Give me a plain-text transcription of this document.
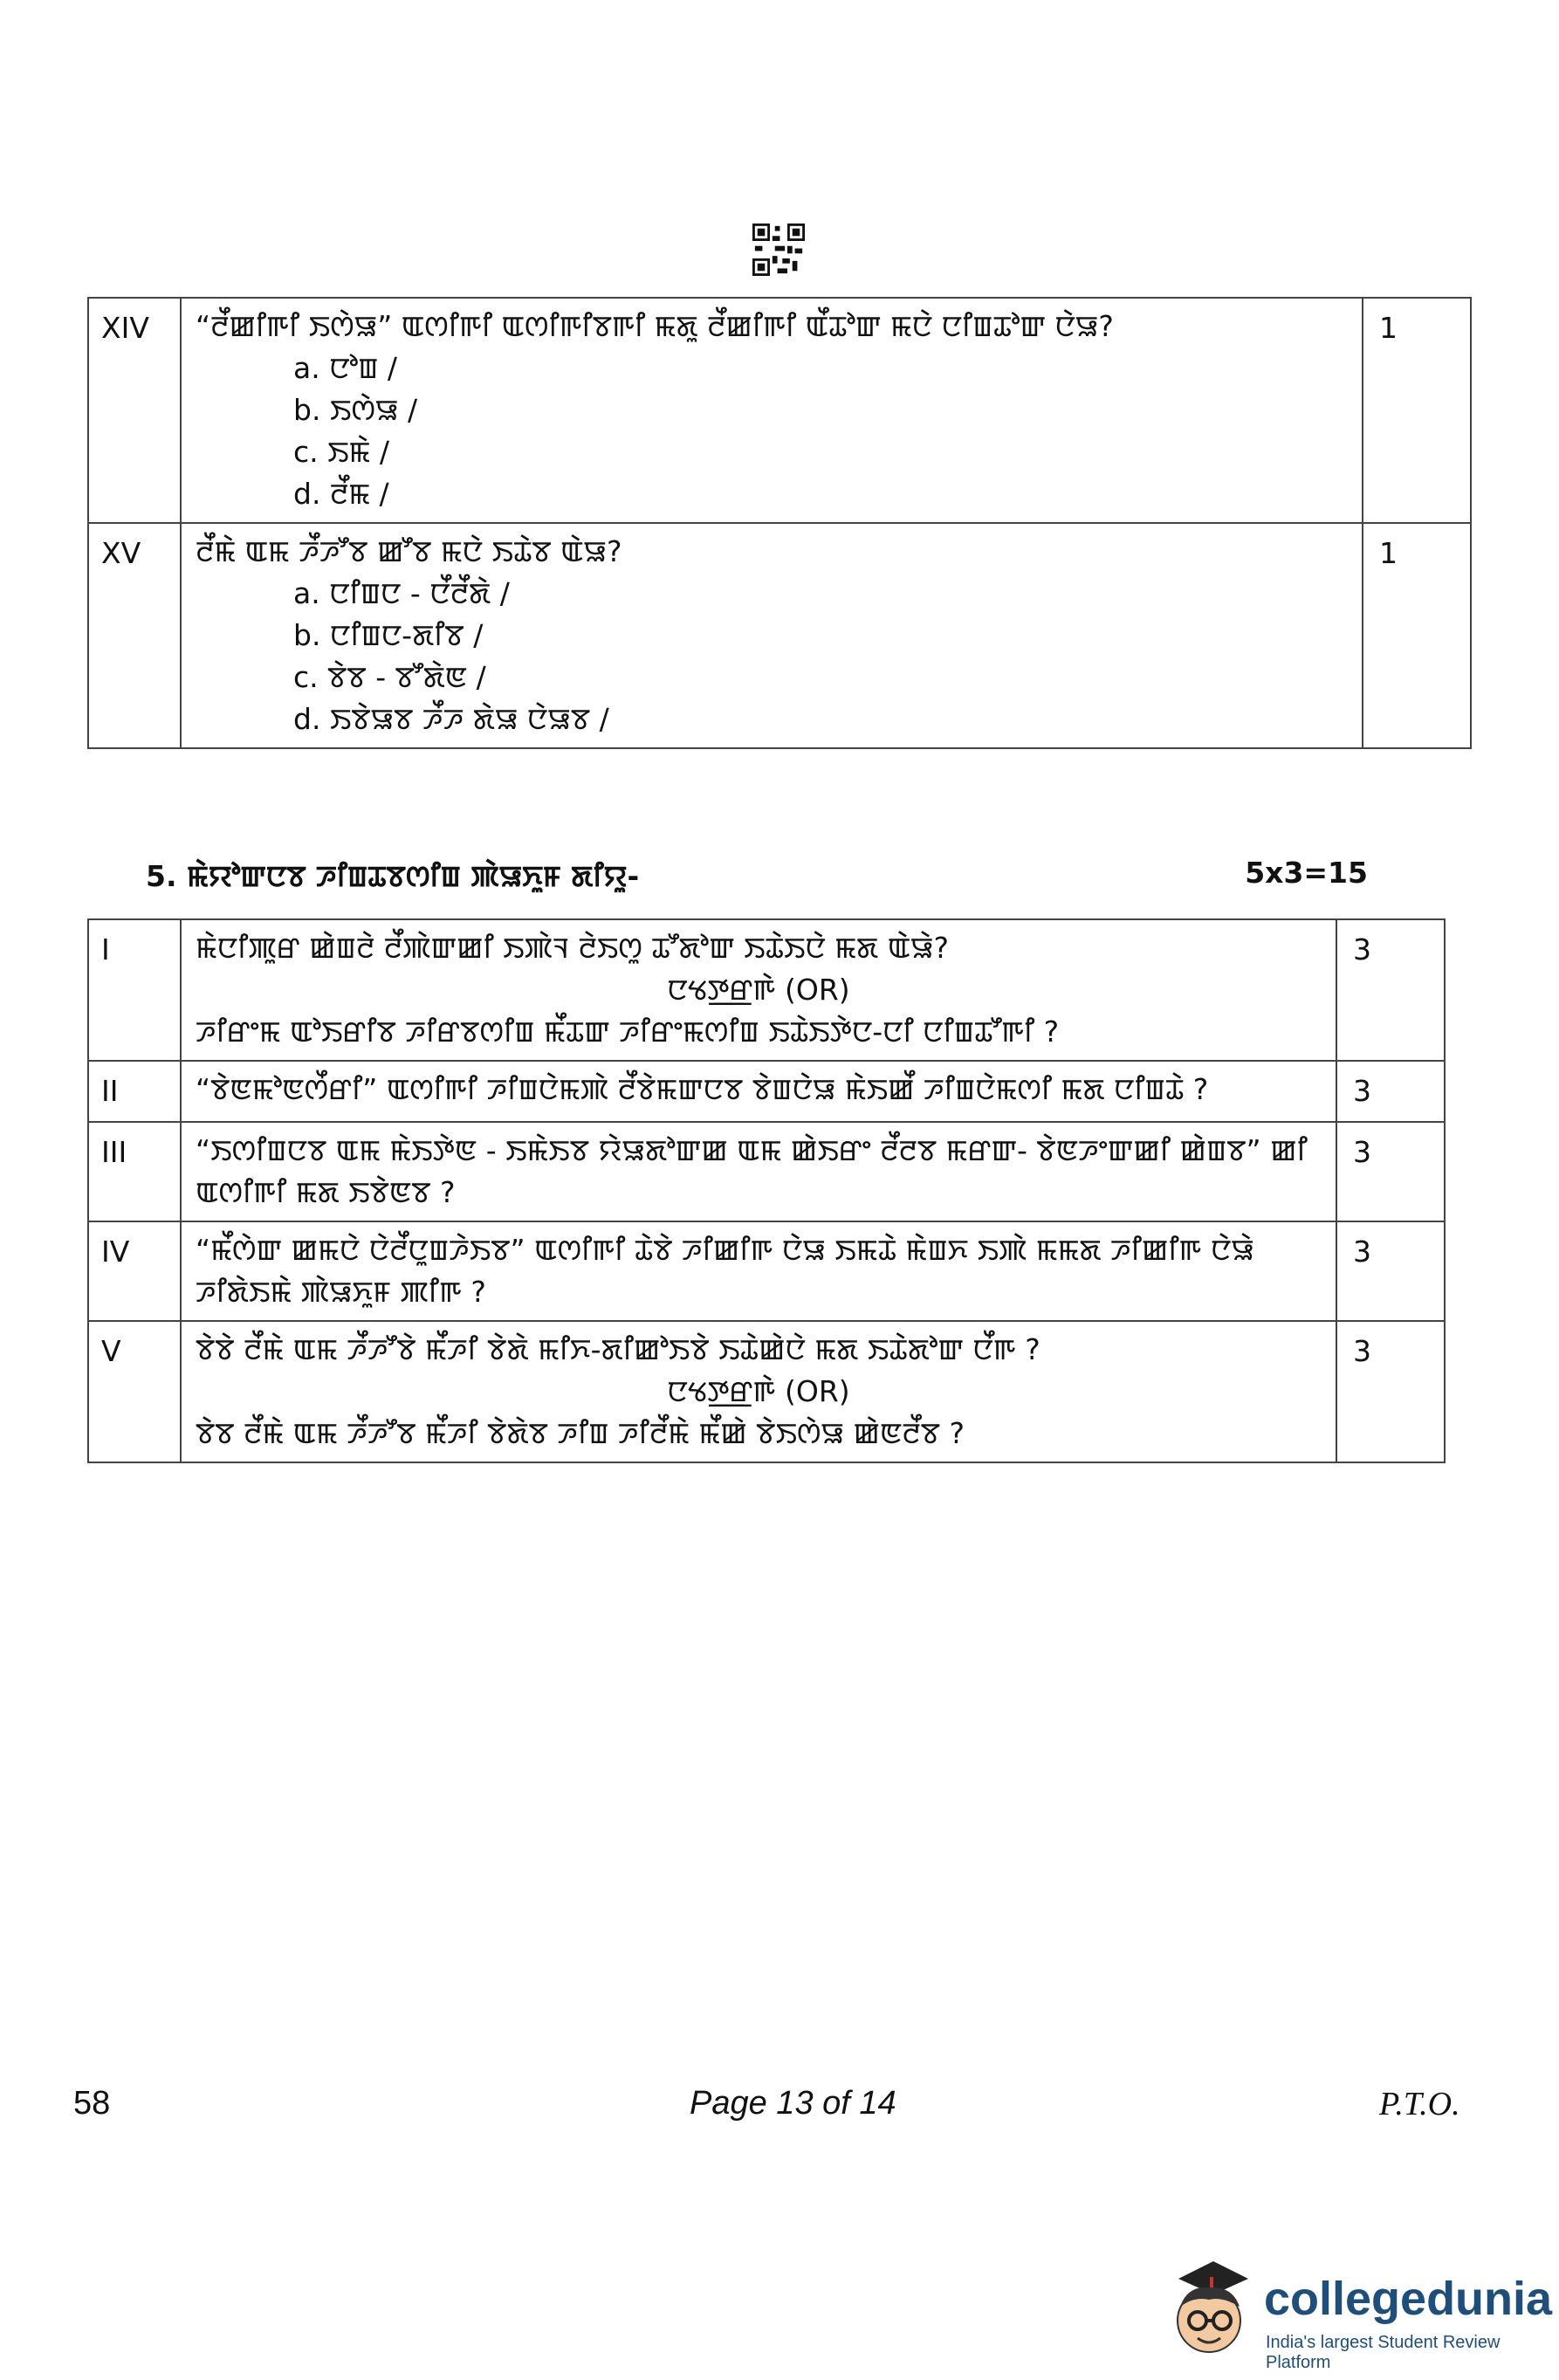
XIV	“ꯂꯩꯀꯤꯒꯤ ꯏꯁꯥꯎ” ꯑꯁꯤꯒꯤ ꯑꯁꯤꯒꯤꯕꯒꯤ ꯃꯗꯨ ꯂꯩꯀꯤꯒꯤ ꯑꯩꯊꯣꯛ ꯃꯅꯥ ꯅꯤꯡꯊꯣꯛ ꯅꯥꯎ?
a. ꯅꯣꯡ /
b. ꯏꯁꯥꯎ /
c. ꯏꯃꯥ /
d. ꯂꯩꯃ /	1
XV	ꯂꯩꯃꯥ ꯑꯃ ꯍꯩꯍꯧꯕ ꯀꯧꯕ ꯃꯅꯥ ꯏꯊꯥꯕ ꯑꯥꯎ?
a. ꯅꯤꯡꯅ - ꯅꯩꯂꯩꯗꯥ /
b. ꯅꯤꯡꯅ-ꯗꯤꯕ /
c. ꯕꯥꯕ - ꯕꯧꯗꯥꯟ /
d. ꯏꯕꯥꯎꯕ ꯍꯩꯍ ꯗꯥꯎ ꯅꯥꯎꯕ /	1
5. ꯃꯥꯌꯣꯛꯅꯕ ꯍꯤꯡꯊꯕꯁꯤꯡ ꯄꯥꯎꯈꯨꯝ ꯗꯤꯌꯨ-	5x3=15
I	ꯃꯥꯅꯤꯄꯨꯔ ꯀꯥꯡꯂꯥ ꯂꯩꯄꯥꯛꯀꯤ ꯏꯄꯥꯜ ꯂꯥꯏꯁꯨ ꯊꯧꯗꯣꯛ ꯏꯊꯥꯏꯅꯥ ꯃꯗ ꯑꯥꯎꯥ?
ꯅꯠꯇ꯭ꯔꯒꯥ (OR)
ꯍꯤꯔꯦꯃ ꯑꯣꯏꯔꯤꯕ ꯍꯤꯔꯕꯁꯤꯡ ꯃꯩꯊꯛ ꯍꯤꯔꯦꯃꯁꯤꯡ ꯏꯊꯥꯏꯇꯥꯅ-ꯅꯤ ꯅꯤꯡꯊꯧꯒꯤ ?	3
II	“ꯕꯥꯟꯃꯣꯟꯁꯩꯔꯤ” ꯑꯁꯤꯒꯤ ꯍꯤꯡꯅꯥꯃꯄꯥ ꯂꯩꯕꯥꯃꯛꯅꯕ ꯕꯥꯡꯅꯥꯎ ꯃꯥꯏꯀꯩ ꯍꯤꯡꯅꯥꯃꯁꯤ ꯃꯗ ꯅꯤꯡꯊꯥ ?	3
III	“ꯏꯁꯤꯡꯅꯕ ꯑꯃ ꯃꯥꯏꯇꯥꯟ - ꯏꯃꯥꯏꯕ ꯌꯥꯎꯗꯣꯛꯀ ꯑꯃ ꯀꯥꯏꯔꯦ ꯂꯩꯂꯕ ꯃꯔꯛ- ꯕꯥꯟꯍꯦꯛꯀꯤ ꯀꯥꯡꯕ” ꯀꯤ ꯑꯁꯤꯒꯤ ꯃꯗ ꯏꯕꯥꯟꯕ ?	3
IV	“ꯃꯩꯁꯥꯛ ꯀꯃꯅꯥ ꯅꯥꯂꯩꯅꯨꯡꯍꯥꯏꯕ” ꯑꯁꯤꯒꯤ ꯊꯥꯕꯥ ꯍꯤꯀꯤꯒ ꯅꯥꯎ ꯏꯃꯊꯥ ꯃꯥꯡꯈ ꯏꯄꯥ ꯃꯃꯗ ꯍꯤꯀꯤꯒ ꯅꯥꯎꯥ ꯍꯤꯗꯥꯏꯃꯥ ꯄꯥꯎꯈꯨꯝ ꯄꯤꯒ ?	3
V	ꯕꯥꯕꯥ ꯂꯩꯃꯥ ꯑꯃ ꯍꯩꯍꯧꯕꯥ ꯃꯩꯍꯤ ꯕꯥꯗꯥ ꯃꯤꯈ-ꯗꯤꯀꯣꯏꯕꯥ ꯏꯊꯥꯀꯥꯅꯥ ꯃꯗ ꯏꯊꯥꯗꯣꯛ ꯅꯩꯒ ?
ꯅꯠꯇ꯭ꯔꯒꯥ (OR)
ꯕꯥꯕ ꯂꯩꯃꯥ ꯑꯃ ꯍꯩꯍꯧꯕ ꯃꯩꯍꯤ ꯕꯥꯗꯥꯕ ꯍꯤꯡ ꯍꯤꯂꯩꯃꯥ ꯃꯩꯀꯥ ꯕꯥꯏꯁꯥꯎ ꯀꯥꯟꯂꯩꯕ ?	3
58	Page 13 of 14	P.T.O.
collegedunia
India's largest Student Review Platform
